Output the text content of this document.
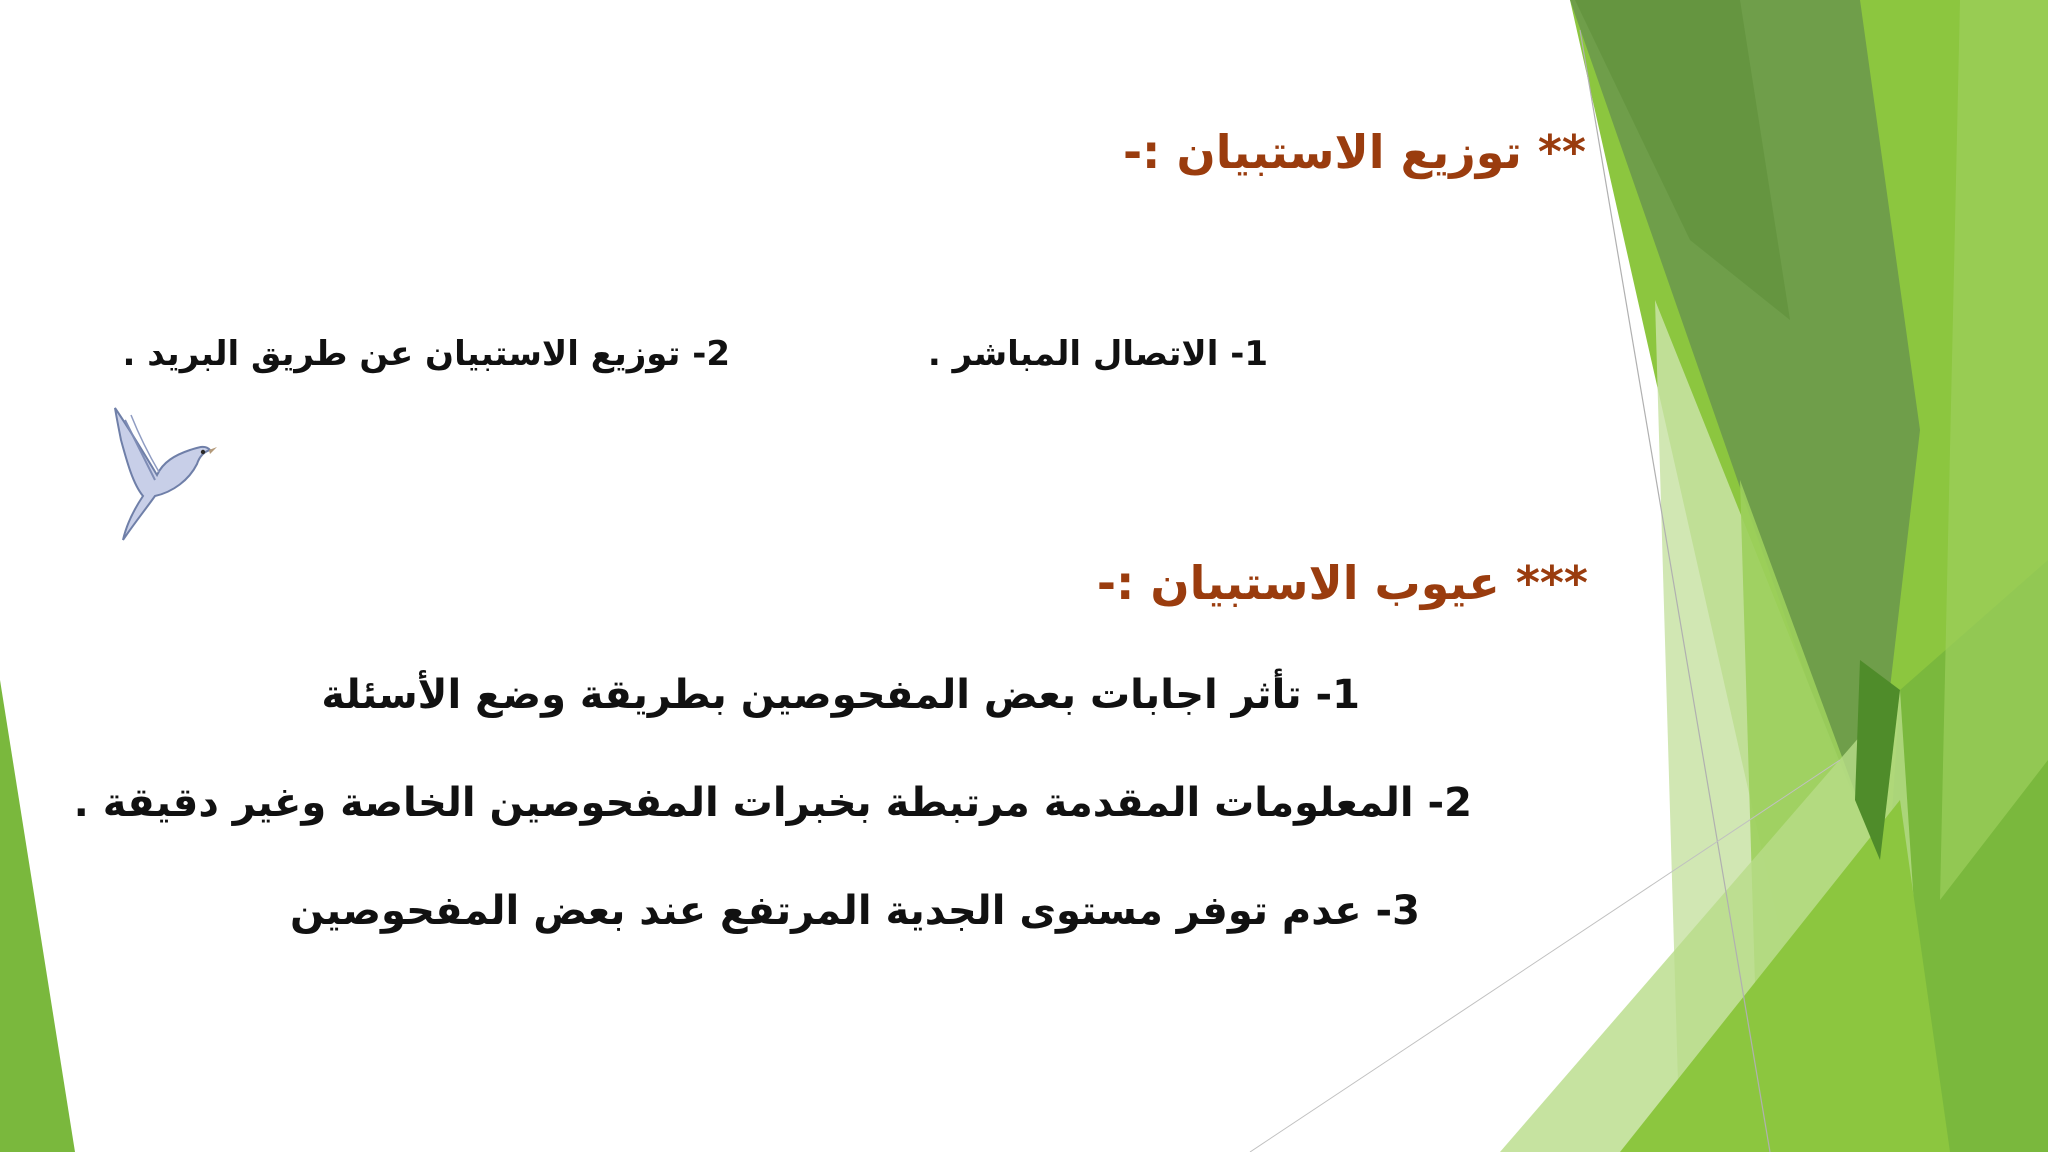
** توزيع الاستبيان :-
1- الاتصال المباشر .
2- توزيع الاستبيان عن طريق البريد .
*** عيوب الاستبيان :-
1- تأثر اجابات بعض المفحوصين بطريقة وضع الأسئلة
2- المعلومات المقدمة مرتبطة بخبرات المفحوصين الخاصة وغير دقيقة .
3- عدم توفر مستوى الجدية المرتفع عند بعض المفحوصين
